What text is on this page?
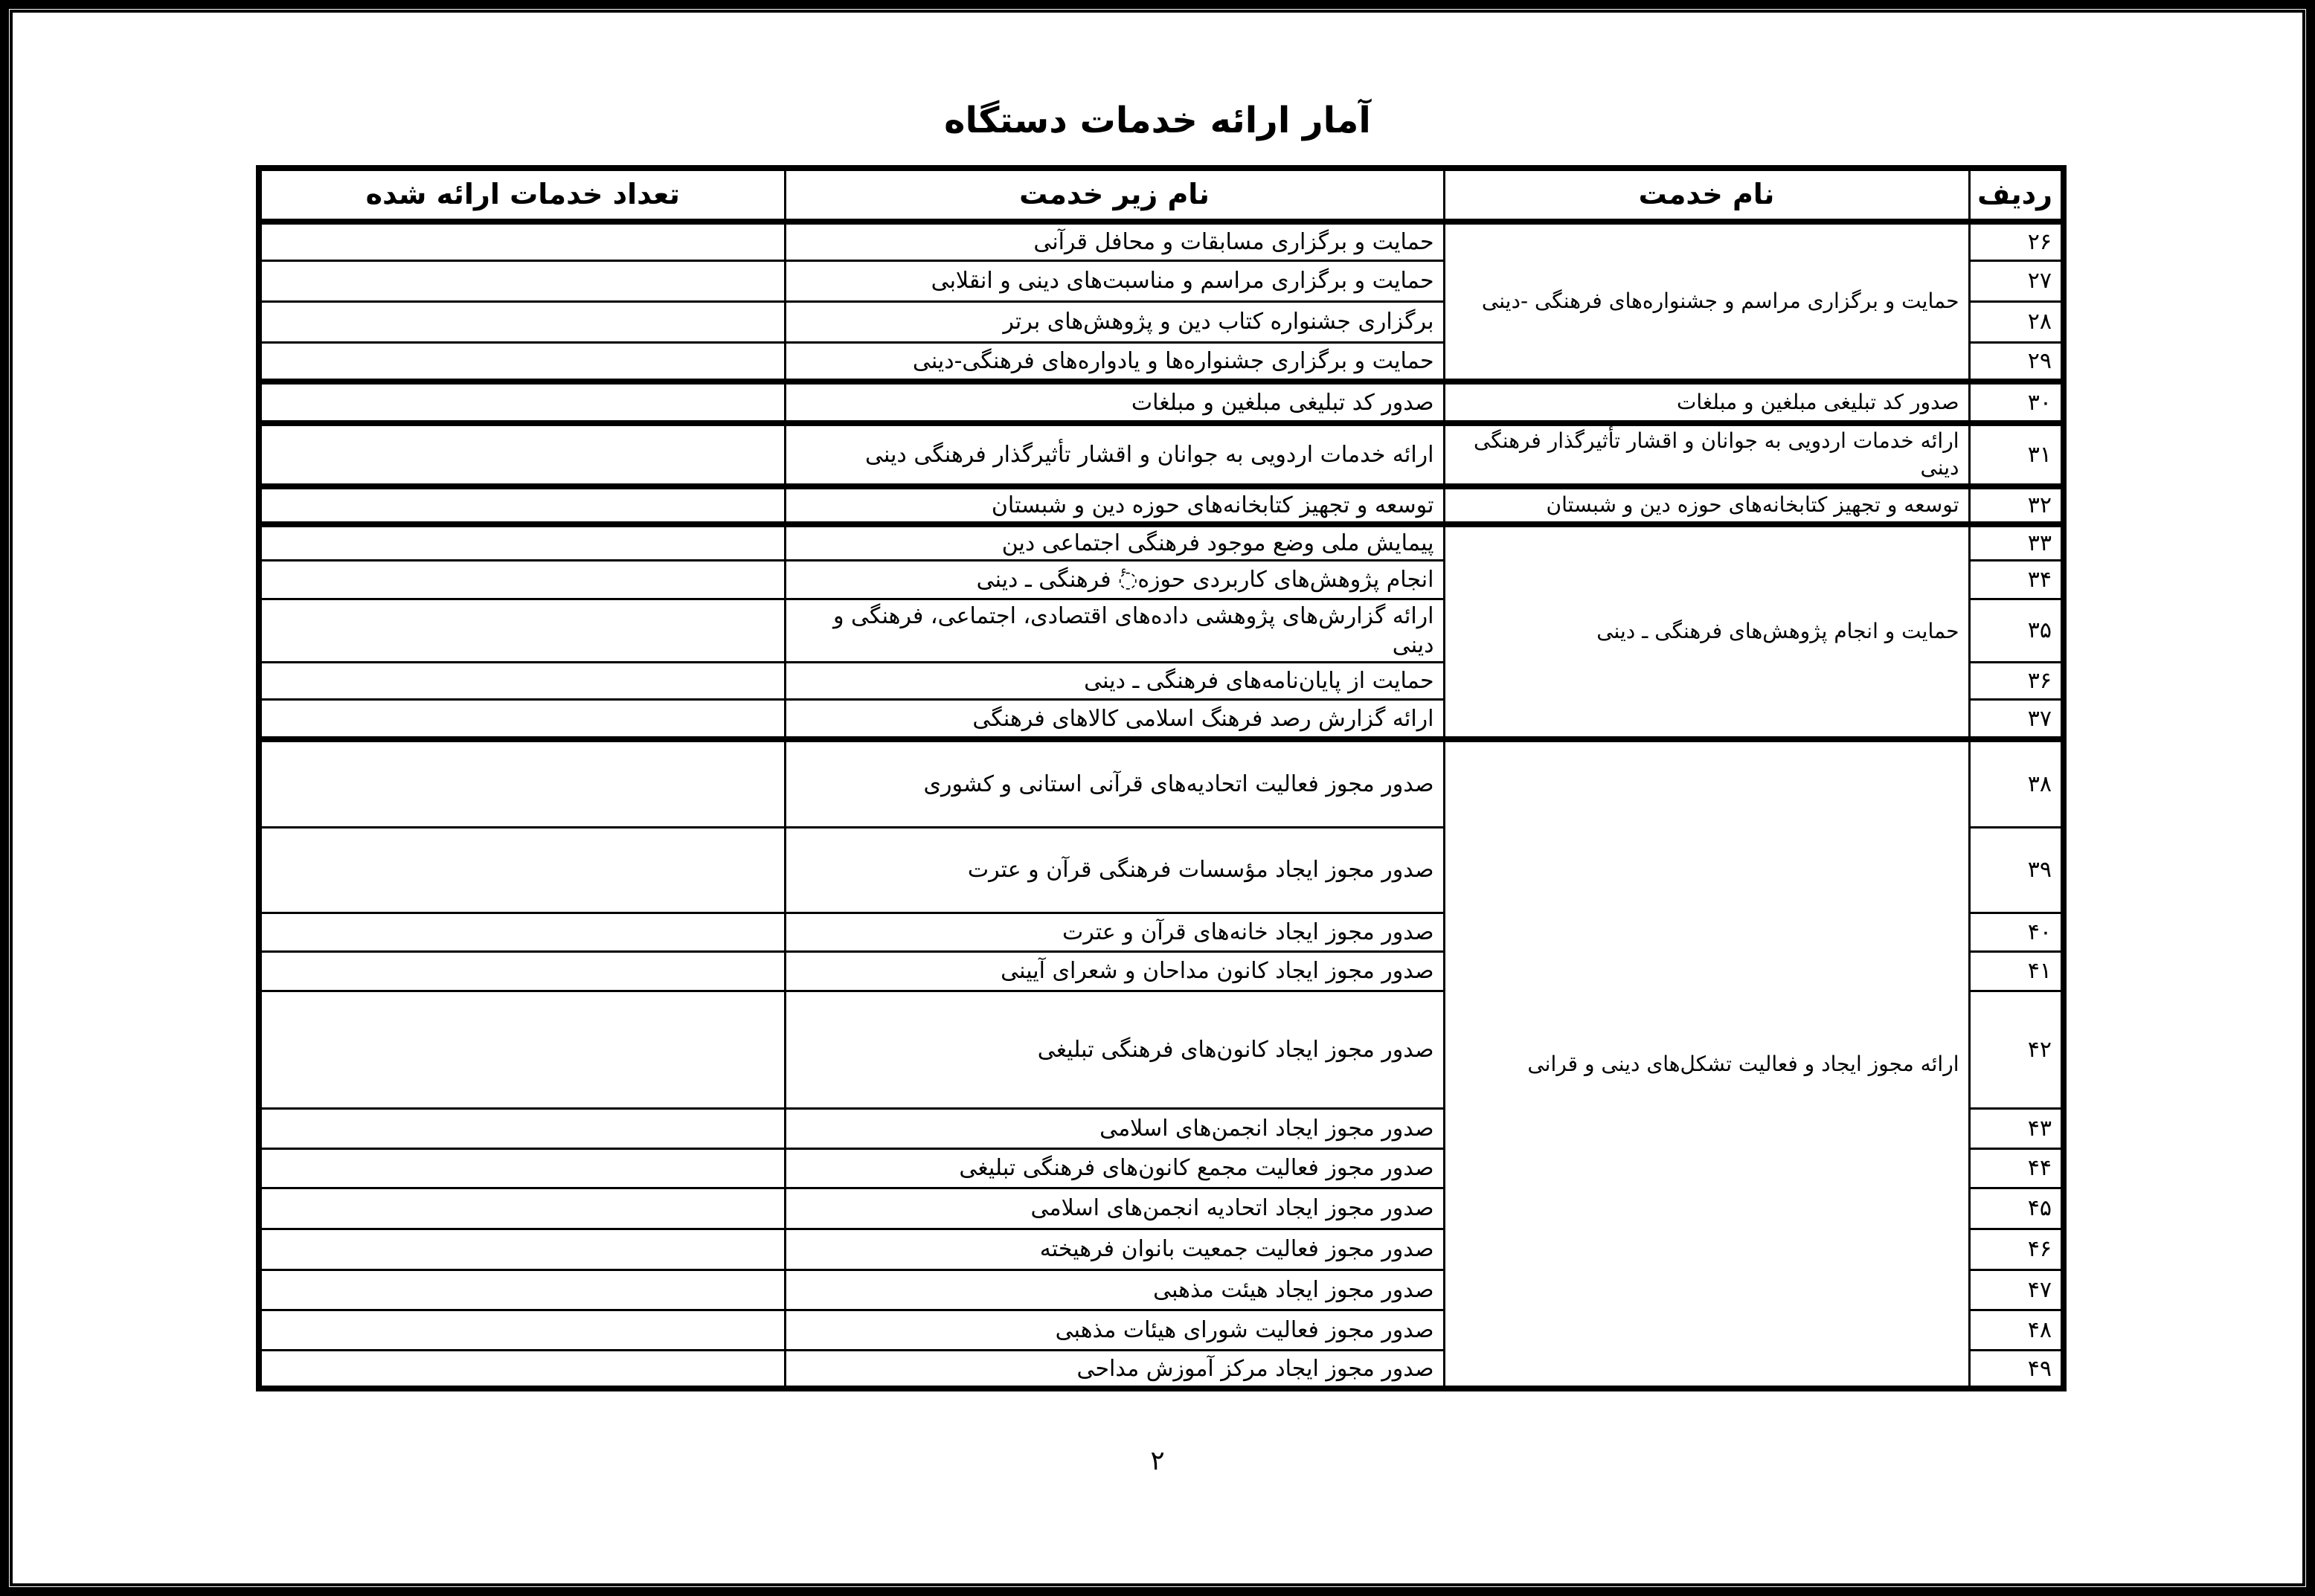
آمار ارائه خدمات دستگاه
ردیف	نام خدمت	نام زیر خدمت	تعداد خدمات ارائه شده
۲۶	حمایت و برگزاری مراسم و جشنواره‌های فرهنگی -دینی	حمایت و برگزاری مسابقات و محافل قرآنی	
۲۷		حمایت و برگزاری مراسم و مناسبت‌های دینی و انقلابی	
۲۸		برگزاری جشنواره کتاب دین و پژوهش‌های برتر	
۲۹		حمایت و برگزاری جشنواره‌ها و یادواره‌های فرهنگی-دینی	
۳۰	صدور کد تبلیغی مبلغین و مبلغات	صدور کد تبلیغی مبلغین و مبلغات	
۳۱	ارائه خدمات اردویی به جوانان و اقشار تأثیرگذار فرهنگی دینی	ارائه خدمات اردویی به جوانان و اقشار تأثیرگذار فرهنگی دینی	
۳۲	توسعه و تجهیز کتابخانه‌های حوزه دین و شبستان	توسعه و تجهیز کتابخانه‌های حوزه دین و شبستان	
۳۳	حمایت و انجام پژوهش‌های فرهنگی ـ دینی	پیمایش ملی وضع موجود فرهنگی اجتماعی دین	
۳۴		انجام پژوهش‌های کاربردی حوزه◌ٔ فرهنگی ـ دینی	
۳۵		ارائه گزارش‌های پژوهشی داده‌های اقتصادی، اجتماعی، فرهنگی و دینی	
۳۶		حمایت از پایان‌نامه‌های فرهنگی ـ دینی	
۳۷		ارائه گزارش رصد فرهنگ اسلامی کالاهای فرهنگی	
۳۸	ارائه مجوز ایجاد و فعالیت تشکل‌های دینی و قرانی	صدور مجوز فعالیت اتحادیه‌های قرآنی استانی و کشوری	
۳۹		صدور مجوز ایجاد مؤسسات فرهنگی قرآن و عترت	
۴۰		صدور مجوز ایجاد خانه‌های قرآن و عترت	
۴۱		صدور مجوز ایجاد کانون مداحان و شعرای آیینی	
۴۲		صدور مجوز ایجاد کانون‌های فرهنگی تبلیغی	
۴۳		صدور مجوز ایجاد انجمن‌های اسلامی	
۴۴		صدور مجوز فعالیت مجمع کانون‌های فرهنگی تبلیغی	
۴۵		صدور مجوز ایجاد اتحادیه انجمن‌های اسلامی	
۴۶		صدور مجوز فعالیت جمعیت بانوان فرهیخته	
۴۷		صدور مجوز ایجاد هیئت مذهبی	
۴۸		صدور مجوز فعالیت شورای هیئات مذهبی	
۴۹		صدور مجوز ایجاد مرکز آموزش مداحی	
۲
